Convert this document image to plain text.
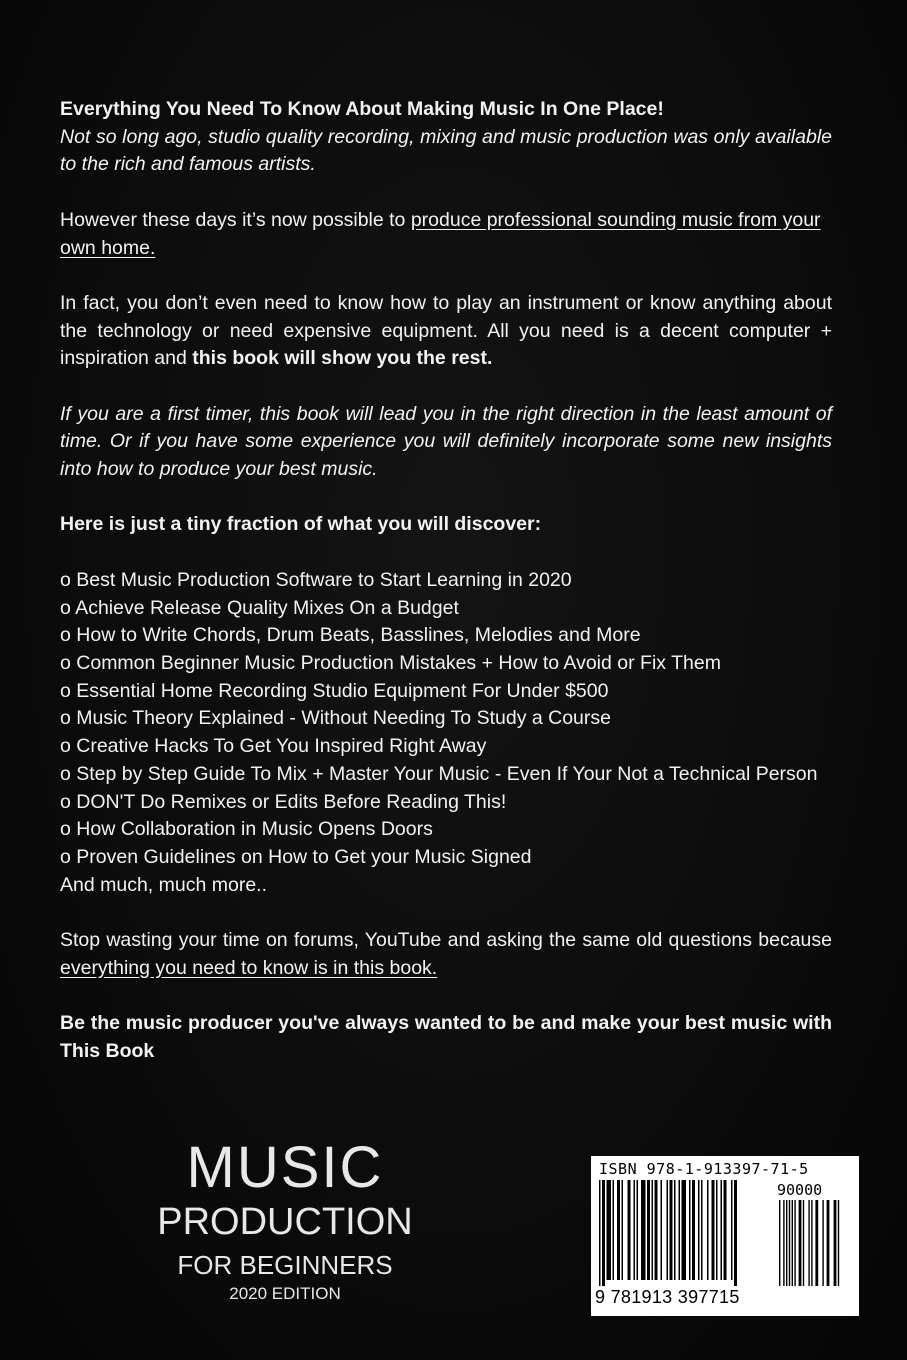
Everything You Need To Know About Making Music In One Place!

Not so long ago, studio quality recording, mixing and music production was only available to the rich and famous artists.

However these days it’s now possible to produce professional sounding music from your own home.

In fact, you don’t even need to know how to play an instrument or know anything about the technology or need expensive equipment. All you need is a decent computer + inspiration and this book will show you the rest.

If you are a first timer, this book will lead you in the right direction in the least amount of time. Or if you have some experience you will definitely incorporate some new insights into how to produce your best music.

Here is just a tiny fraction of what you will discover:

o Best Music Production Software to Start Learning in 2020

o Achieve Release Quality Mixes On a Budget

o How to Write Chords, Drum Beats, Basslines, Melodies and More

o Common Beginner Music Production Mistakes + How to Avoid or Fix Them

o Essential Home Recording Studio Equipment For Under $500

o Music Theory Explained - Without Needing To Study a Course

o Creative Hacks To Get You Inspired Right Away

o Step by Step Guide To Mix + Master Your Music - Even If Your Not a Technical Person

o DON'T Do Remixes or Edits Before Reading This!

o How Collaboration in Music Opens Doors

o Proven Guidelines on How to Get your Music Signed

And much, much more..

Stop wasting your time on forums, YouTube and asking the same old questions because everything you need to know is in this book.

Be the music producer you've always wanted to be and make your best music with This Book

MUSIC
PRODUCTION
FOR BEGINNERS
2020 EDITION
ISBN 978-1-913397-71-5
90000
9 781913 397715
